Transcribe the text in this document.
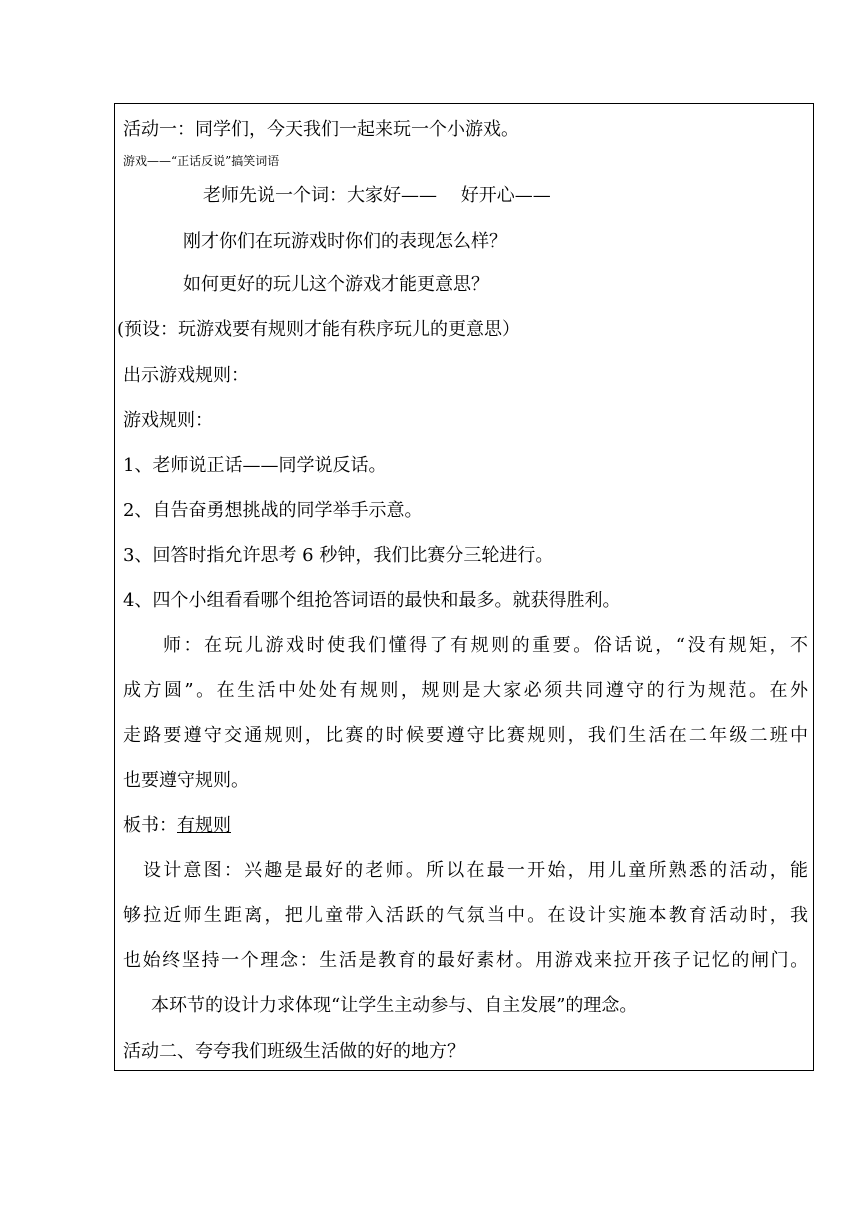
活动一：同学们，今天我们一起来玩一个小游戏。
游戏——“正话反说”搞笑词语
老师先说一个词：大家好——　 好开心——
刚才你们在玩游戏时你们的表现怎么样？
如何更好的玩儿这个游戏才能更意思？
(预设：玩游戏要有规则才能有秩序玩儿的更意思）
出示游戏规则：
游戏规则：
1、老师说正话——同学说反话。
2、自告奋勇想挑战的同学举手示意。
3、回答时指允许思考 6 秒钟，我们比赛分三轮进行。
4、四个小组看看哪个组抢答词语的最快和最多。就获得胜利。
师：在玩儿游戏时使我们懂得了有规则的重要。俗话说，“没有规矩，不
成方圆”。在生活中处处有规则，规则是大家必须共同遵守的行为规范。在外
走路要遵守交通规则，比赛的时候要遵守比赛规则，我们生活在二年级二班中
也要遵守规则。
板书：有规则
设计意图：兴趣是最好的老师。所以在最一开始，用儿童所熟悉的活动，能
够拉近师生距离，把儿童带入活跃的气氛当中。在设计实施本教育活动时，我
也始终坚持一个理念：生活是教育的最好素材。用游戏来拉开孩子记忆的闸门。
本环节的设计力求体现“让学生主动参与、自主发展”的理念。
活动二、夸夸我们班级生活做的好的地方？
